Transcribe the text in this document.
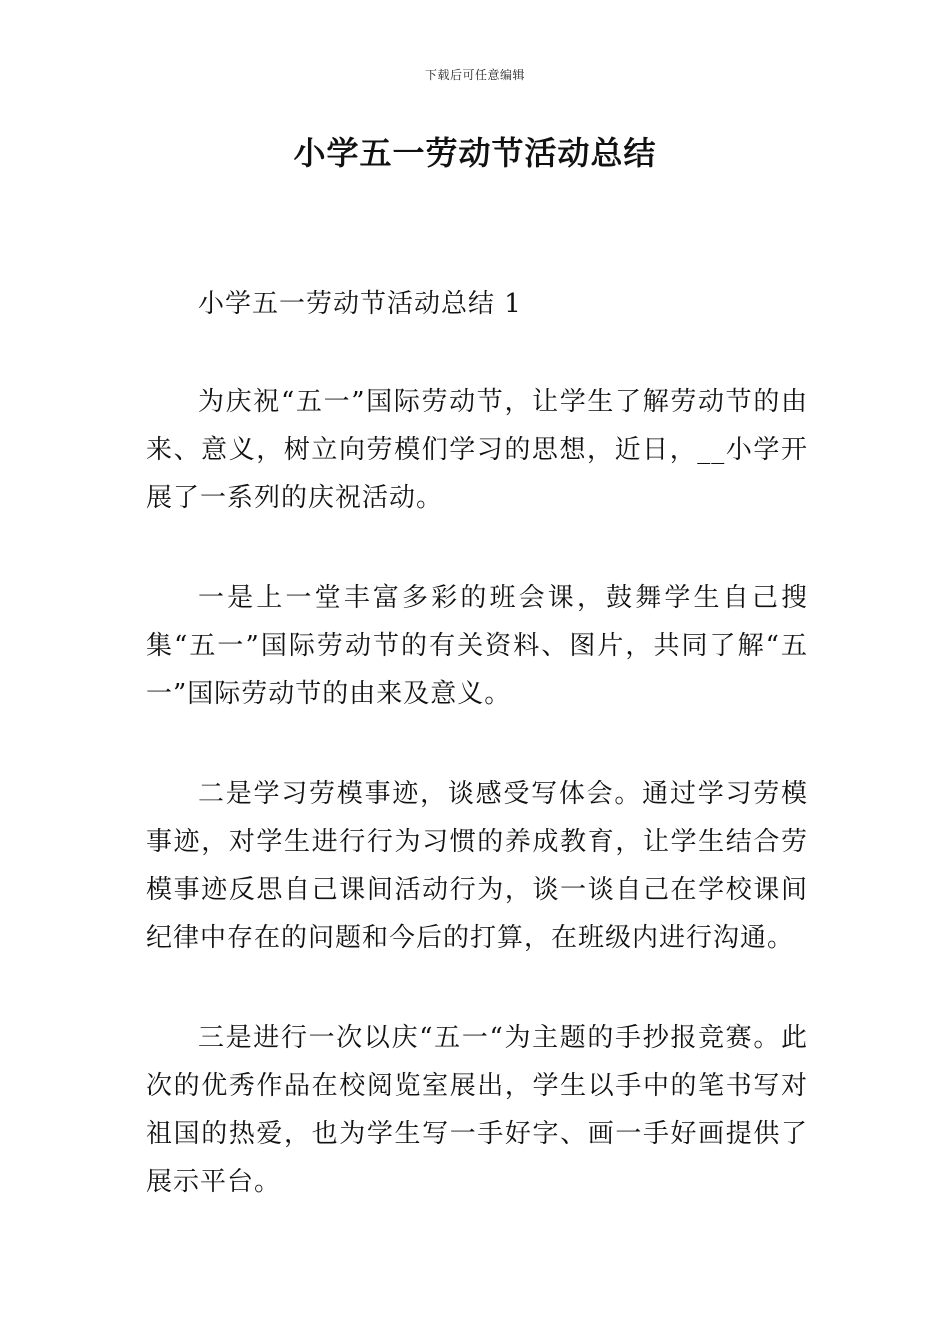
下载后可任意编辑
小学五一劳动节活动总结

小学五一劳动节活动总结 1

为庆祝“五一”国际劳动节，让学生了解劳动节的由来、意义，树立向劳模们学习的思想，近日，__小学开展了一系列的庆祝活动。

一是上一堂丰富多彩的班会课，鼓舞学生自己搜集“五一”国际劳动节的有关资料、图片，共同了解“五一”国际劳动节的由来及意义。

二是学习劳模事迹，谈感受写体会。通过学习劳模事迹，对学生进行行为习惯的养成教育，让学生结合劳模事迹反思自己课间活动行为，谈一谈自己在学校课间纪律中存在的问题和今后的打算，在班级内进行沟通。

三是进行一次以庆“五一“为主题的手抄报竞赛。此次的优秀作品在校阅览室展出，学生以手中的笔书写对祖国的热爱，也为学生写一手好字、画一手好画提供了展示平台。
